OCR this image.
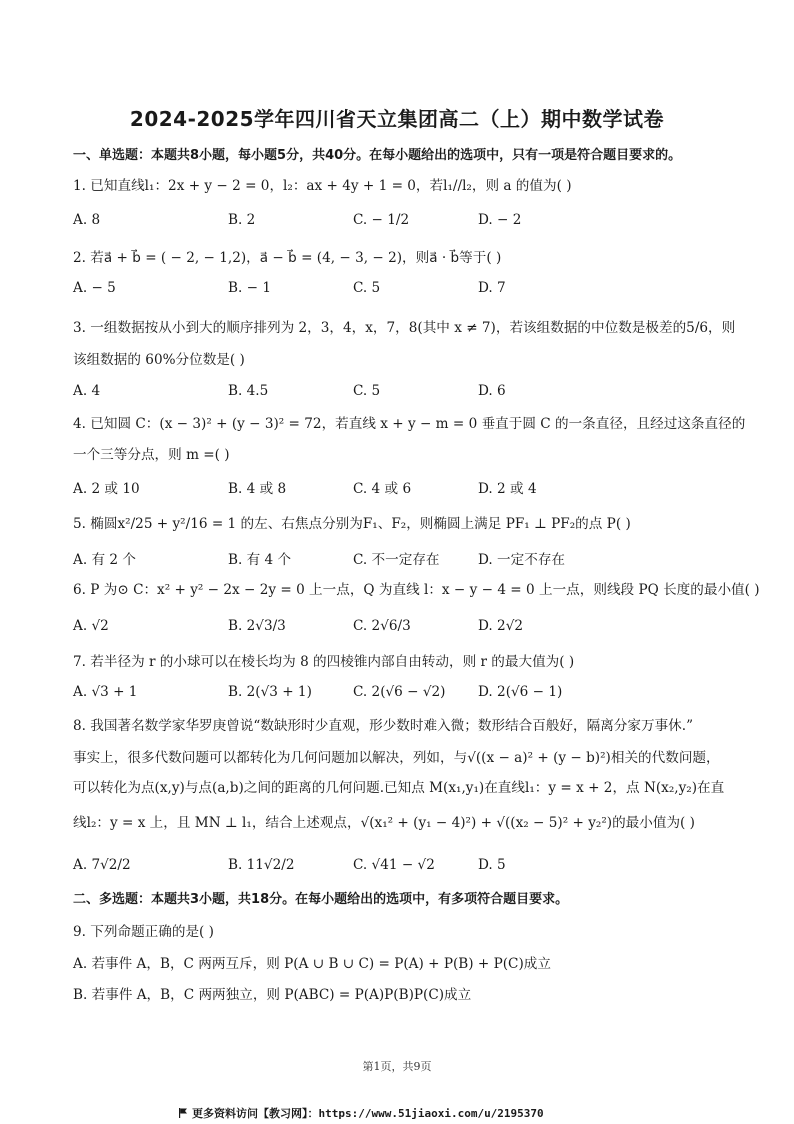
2024-2025学年四川省天立集团高二（上）期中数学试卷
一、单选题：本题共8小题，每小题5分，共40分。在每小题给出的选项中，只有一项是符合题目要求的。
1. 已知直线l₁：2x + y − 2 = 0，l₂：ax + 4y + 1 = 0，若l₁//l₂，则 a 的值为( )
A. 8	B. 2	C. − 1/2	D. − 2
2. 若a⃗ + b⃗ = ( − 2, − 1,2)，a⃗ − b⃗ = (4, − 3, − 2)，则a⃗ · b⃗等于( )
A. − 5	B. − 1	C. 5	D. 7
3. 一组数据按从小到大的顺序排列为 2，3，4，x，7，8(其中 x ≠ 7)，若该组数据的中位数是极差的5/6，则
该组数据的 60%分位数是( )
A. 4	B. 4.5	C. 5	D. 6
4. 已知圆 C：(x − 3)² + (y − 3)² = 72，若直线 x + y − m = 0 垂直于圆 C 的一条直径，且经过这条直径的
一个三等分点，则 m =( )
A. 2 或 10	B. 4 或 8	C. 4 或 6	D. 2 或 4
5. 椭圆x²/25 + y²/16 = 1 的左、右焦点分别为F₁、F₂，则椭圆上满足 PF₁ ⊥ PF₂的点 P( )
A. 有 2 个	B. 有 4 个	C. 不一定存在	D. 一定不存在
6. P 为⊙ C：x² + y² − 2x − 2y = 0 上一点，Q 为直线 l：x − y − 4 = 0 上一点，则线段 PQ 长度的最小值( )
A. √2	B. 2√3/3	C. 2√6/3	D. 2√2
7. 若半径为 r 的小球可以在棱长均为 8 的四棱锥内部自由转动，则 r 的最大值为( )
A. √3 + 1	B. 2(√3 + 1)	C. 2(√6 − √2) D. 2(√6 − 1)
8. 我国著名数学家华罗庚曾说“数缺形时少直观，形少数时难入微；数形结合百般好，隔离分家万事休.”
事实上，很多代数问题可以都转化为几何问题加以解决，列如，与√((x − a)² + (y − b)²)相关的代数问题，
可以转化为点(x,y)与点(a,b)之间的距离的几何问题.已知点 M(x₁,y₁)在直线l₁：y = x + 2，点 N(x₂,y₂)在直
线l₂：y = x 上，且 MN ⊥ l₁，结合上述观点，√(x₁² + (y₁ − 4)²) + √((x₂ − 5)² + y₂²)的最小值为( )
A. 7√2/2	B. 11√2/2	C. √41 − √2	D. 5
二、多选题：本题共3小题，共18分。在每小题给出的选项中，有多项符合题目要求。
9. 下列命题正确的是( )
A. 若事件 A，B，C 两两互斥，则 P(A ∪ B ∪ C) = P(A) + P(B) + P(C)成立
B. 若事件 A，B，C 两两独立，则 P(ABC) = P(A)P(B)P(C)成立
第1页，共9页
更多资料访问【教习网】：https://www.51jiaoxi.com/u/2195370
